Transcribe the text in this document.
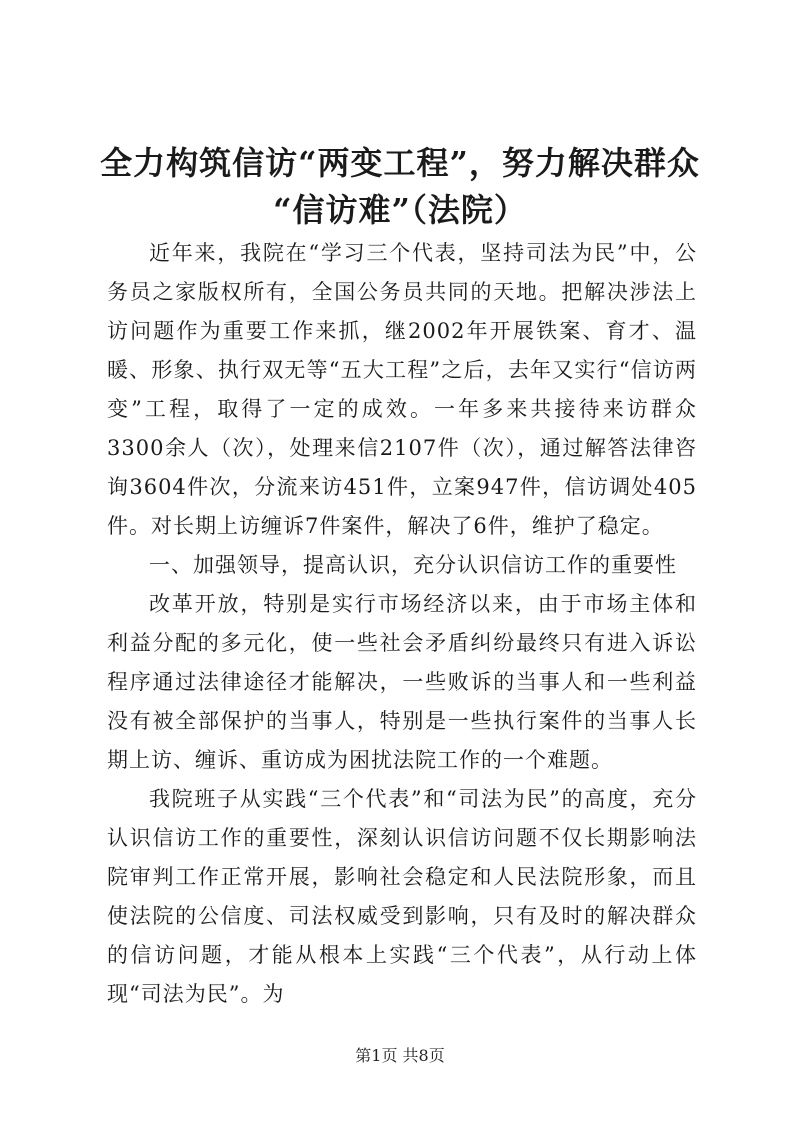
全力构筑信访“两变工程”，努力解决群众
“信访难”（法院）

近年来，我院在“学习三个代表，坚持司法为民”中，公务员之家版权所有，全国公务员共同的天地。把解决涉法上访问题作为重要工作来抓，继2002年开展铁案、育才、温暖、形象、执行双无等“五大工程”之后，去年又实行“信访两变”工程，取得了一定的成效。一年多来共接待来访群众3300余人（次），处理来信2107件（次），通过解答法律咨询3604件次，分流来访451件，立案947件，信访调处405件。对长期上访缠诉7件案件，解决了6件，维护了稳定。

一、加强领导，提高认识，充分认识信访工作的重要性

改革开放，特别是实行市场经济以来，由于市场主体和利益分配的多元化，使一些社会矛盾纠纷最终只有进入诉讼程序通过法律途径才能解决，一些败诉的当事人和一些利益没有被全部保护的当事人，特别是一些执行案件的当事人长期上访、缠诉、重访成为困扰法院工作的一个难题。

我院班子从实践“三个代表”和“司法为民”的高度，充分认识信访工作的重要性，深刻认识信访问题不仅长期影响法院审判工作正常开展，影响社会稳定和人民法院形象，而且使法院的公信度、司法权威受到影响，只有及时的解决群众的信访问题，才能从根本上实践“三个代表”，从行动上体现“司法为民”。为

第1页 共8页
